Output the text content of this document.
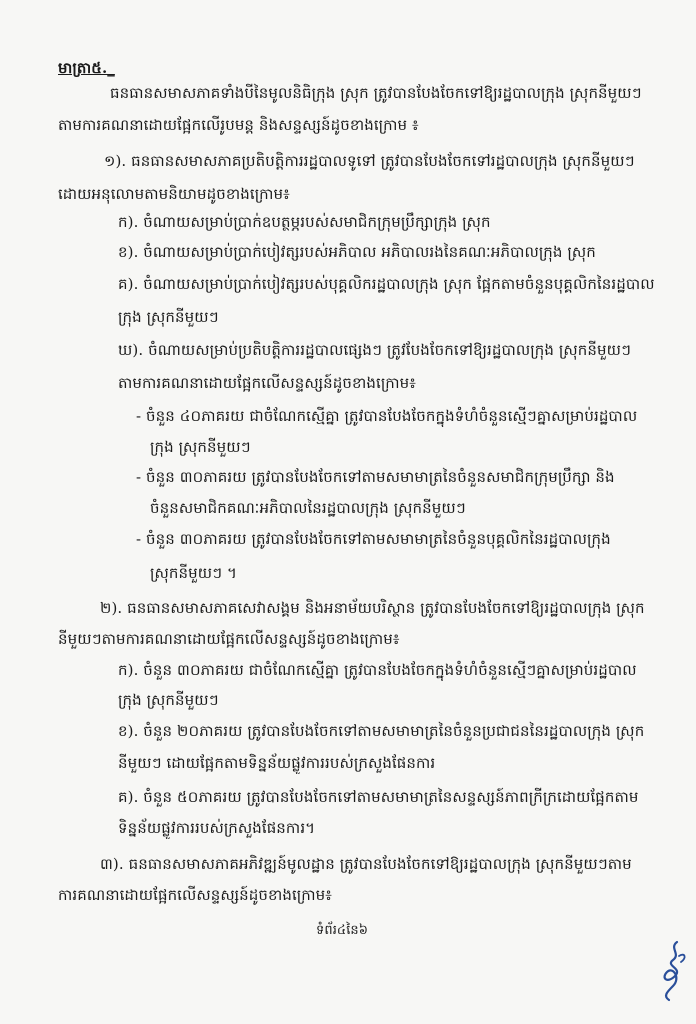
មាត្រា៥._
ធនធានសមាសភាគទាំងបីនៃមូលនិធិក្រុង ស្រុក ត្រូវបានបែងចែកទៅឱ្យរដ្ឋបាលក្រុង ស្រុកនីមួយៗ
តាមការគណនាដោយផ្អែកលើរូបមន្ត និងសន្ទស្សន៍ដូចខាងក្រោម ៖
១). ធនធានសមាសភាគប្រតិបត្តិការរដ្ឋបាលទូទៅ ត្រូវបានបែងចែកទៅរដ្ឋបាលក្រុង ស្រុកនីមួយៗ
ដោយអនុលោមតាមនិយាមដូចខាងក្រោម៖
ក). ចំណាយសម្រាប់ប្រាក់ឧបត្ថម្ភរបស់សមាជិកក្រុមប្រឹក្សាក្រុង ស្រុក
ខ). ចំណាយសម្រាប់ប្រាក់បៀវត្សរបស់អភិបាល អភិបាលរងនៃគណៈអភិបាលក្រុង ស្រុក
គ). ចំណាយសម្រាប់ប្រាក់បៀវត្សរបស់បុគ្គលិករដ្ឋបាលក្រុង ស្រុក ផ្អែកតាមចំនួនបុគ្គលិកនៃរដ្ឋបាល
ក្រុង ស្រុកនីមួយៗ
ឃ). ចំណាយសម្រាប់ប្រតិបត្តិការរដ្ឋបាលផ្សេងៗ ត្រូវបែងចែកទៅឱ្យរដ្ឋបាលក្រុង ស្រុកនីមួយៗ
តាមការគណនាដោយផ្អែកលើសន្ទស្សន៍ដូចខាងក្រោម៖
- ចំនួន ៤០ភាគរយ ជាចំណែកស្មើគ្នា ត្រូវបានបែងចែកក្នុងទំហំចំនួនស្មើៗគ្នាសម្រាប់រដ្ឋបាល
ក្រុង ស្រុកនីមួយៗ
- ចំនួន ៣០ភាគរយ ត្រូវបានបែងចែកទៅតាមសមាមាត្រនៃចំនួនសមាជិកក្រុមប្រឹក្សា និង
ចំនួនសមាជិកគណៈអភិបាលនៃរដ្ឋបាលក្រុង ស្រុកនីមួយៗ
- ចំនួន ៣០ភាគរយ ត្រូវបានបែងចែកទៅតាមសមាមាត្រនៃចំនួនបុគ្គលិកនៃរដ្ឋបាលក្រុង
ស្រុកនីមួយៗ ។
២). ធនធានសមាសភាគសេវាសង្គម និងអនាម័យបរិស្ថាន ត្រូវបានបែងចែកទៅឱ្យរដ្ឋបាលក្រុង ស្រុក
នីមួយៗតាមការគណនាដោយផ្អែកលើសន្ទស្សន៍ដូចខាងក្រោម៖
ក). ចំនួន ៣០ភាគរយ ជាចំណែកស្មើគ្នា ត្រូវបានបែងចែកក្នុងទំហំចំនួនស្មើៗគ្នាសម្រាប់រដ្ឋបាល
ក្រុង ស្រុកនីមួយៗ
ខ). ចំនួន ២០ភាគរយ ត្រូវបានបែងចែកទៅតាមសមាមាត្រនៃចំនួនប្រជាជននៃរដ្ឋបាលក្រុង ស្រុក
នីមួយៗ ដោយផ្អែកតាមទិន្នន័យផ្លូវការរបស់ក្រសួងផែនការ
គ). ចំនួន ៥០ភាគរយ ត្រូវបានបែងចែកទៅតាមសមាមាត្រនៃសន្ទស្សន៍ភាពក្រីក្រដោយផ្អែកតាម
ទិន្នន័យផ្លូវការរបស់ក្រសួងផែនការ។
៣). ធនធានសមាសភាគអភិវឌ្ឍន៍មូលដ្ឋាន ត្រូវបានបែងចែកទៅឱ្យរដ្ឋបាលក្រុង ស្រុកនីមួយៗតាម
ការគណនាដោយផ្អែកលើសន្ទស្សន៍ដូចខាងក្រោម៖
ទំព័រ៤នៃ៦
